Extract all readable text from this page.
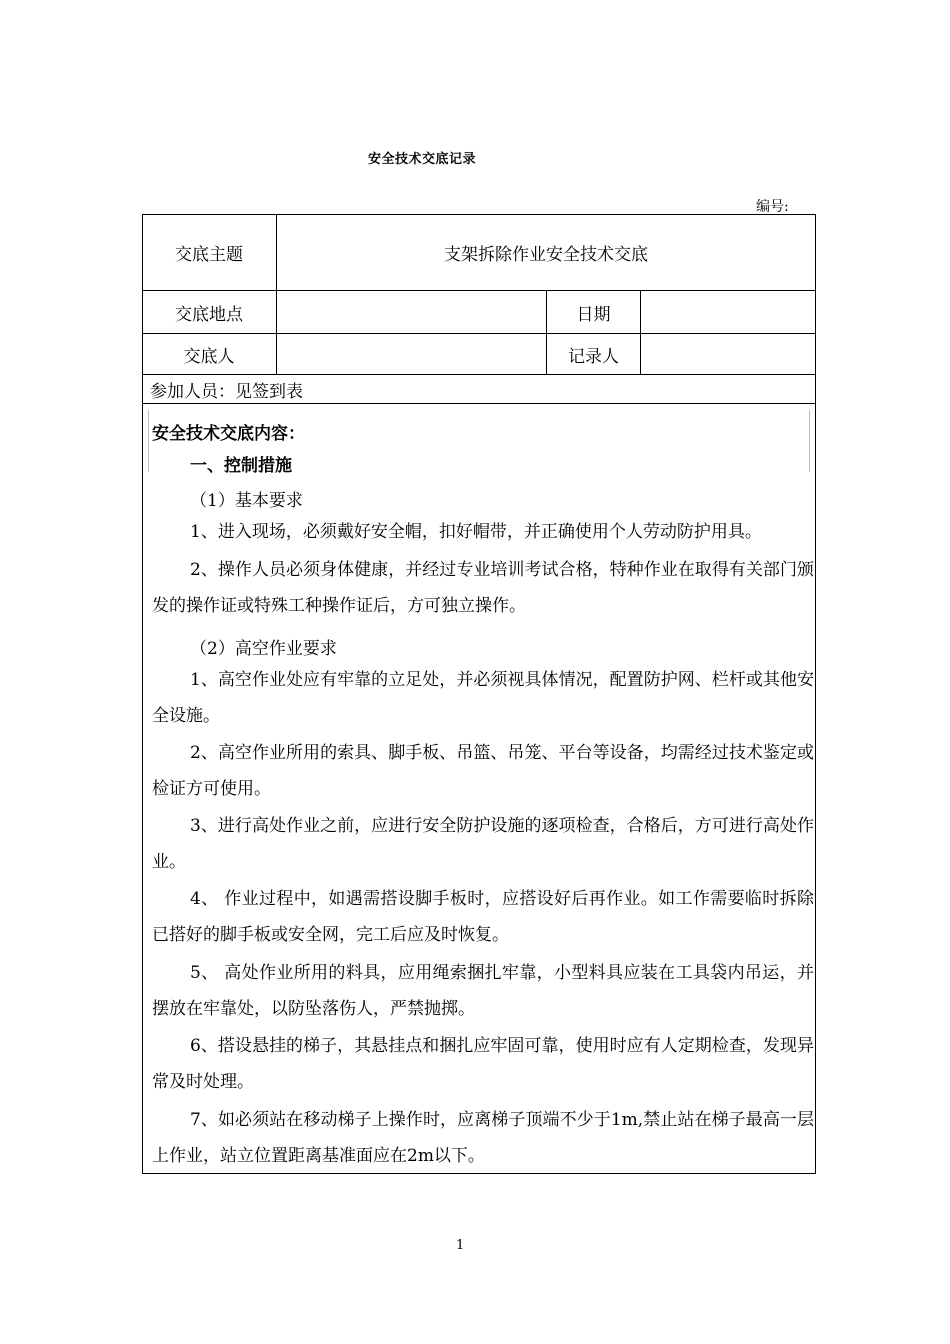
安全技术交底记录
编号:
交底主题	支架拆除作业安全技术交底
交底地点	日期
交底人	记录人
参加人员：见签到表
安全技术交底内容：
一、控制措施
（1）基本要求

1、进入现场，必须戴好安全帽，扣好帽带，并正确使用个人劳动防护用具。

2、操作人员必须身体健康，并经过专业培训考试合格，特种作业在取得有关部门颁发的操作证或特殊工种操作证后，方可独立操作。

（2）高空作业要求

1、高空作业处应有牢靠的立足处，并必须视具体情况，配置防护网、栏杆或其他安全设施。

2、高空作业所用的索具、脚手板、吊篮、吊笼、平台等设备，均需经过技术鉴定或检证方可使用。

3、进行高处作业之前，应进行安全防护设施的逐项检查，合格后，方可进行高处作业。

4、 作业过程中，如遇需搭设脚手板时，应搭设好后再作业。如工作需要临时拆除已搭好的脚手板或安全网，完工后应及时恢复。

5、 高处作业所用的料具，应用绳索捆扎牢靠，小型料具应装在工具袋内吊运，并摆放在牢靠处，以防坠落伤人，严禁抛掷。

6、搭设悬挂的梯子，其悬挂点和捆扎应牢固可靠，使用时应有人定期检查，发现异常及时处理。

7、如必须站在移动梯子上操作时，应离梯子顶端不少于1m,禁止站在梯子最高一层上作业，站立位置距离基准面应在2m以下。

1
